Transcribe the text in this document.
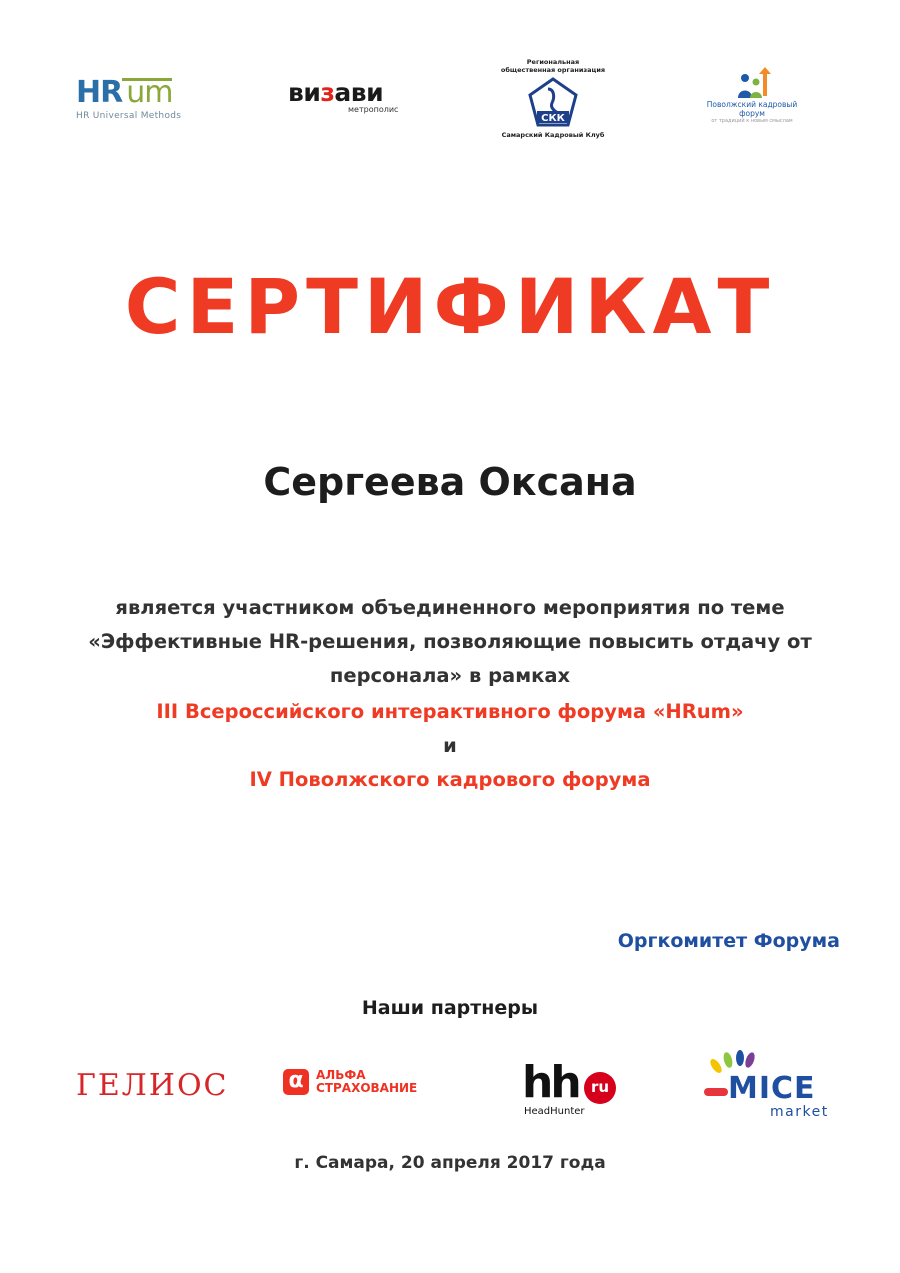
HR um
HR Universal Methods
визави
метрополис
Региональная
общественная организация
СКК
Самарский Кадровый Клуб
Поволжский кадровый форум
от традиций к новым смыслам
СЕРТИФИКАТ
Сергеева Оксана
является участником объединенного мероприятия по теме
«Эффективные HR-решения, позволяющие повысить отдачу от
персонала» в рамках
III Всероссийского интерактивного форума «HRum»
и
IV Поволжского кадрового форума
Оргкомитет Форума
Наши партнеры
ГЕЛИОС	α	АЛЬФА
СТРАХОВАНИЕ hh ru
HeadHunter
MICE
market
г. Самара, 20 апреля 2017 года
